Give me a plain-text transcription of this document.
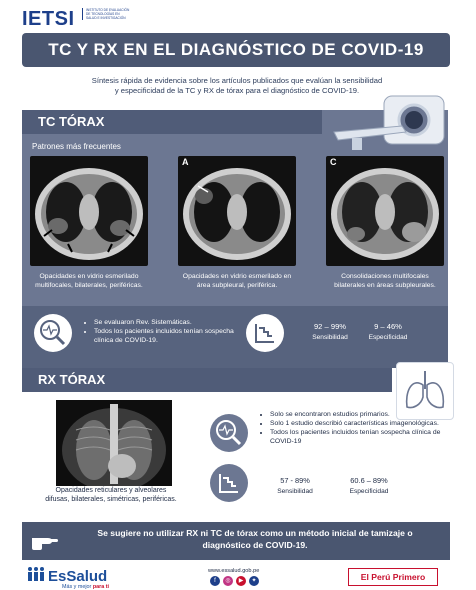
IETSI	INSTITUTO DE EVALUACIÓN DE TECNOLOGÍAS EN SALUD E INVESTIGACIÓN
TC Y RX EN EL DIAGNÓSTICO DE COVID-19
Síntesis rápida de evidencia sobre los artículos publicados que evalúan la sensibilidad
y especificidad de la TC y RX de tórax para el diagnóstico de COVID-19.
TC TÓRAX
Patrones más frecuentes
A	C
Opacidades en vidrio esmerilado
multifocales, bilaterales, periféricas.
Opacidades en vidrio esmerilado en
área subpleural, periférica.
Consolidaciones multifocales
bilaterales en áreas subpleurales.
• Se evaluaron Rev. Sistemáticas.
• Todos los pacientes incluidos tenían sospecha clínica de COVID-19.
92 – 99%
Sensibilidad
9 – 46%
Especificidad
RX TÓRAX
Opacidades reticulares y alveolares
difusas, bilaterales, simétricas, periféricas.
• Solo se encontraron estudios primarios.
• Solo 1 estudio describió características imagenológicas.
• Todos los pacientes incluidos tenían sospecha clínica de COVID-19
57 - 89%
Sensibilidad
60.6 – 89%
Especificidad
Se sugiere no utilizar RX ni TC de tórax como un método inicial de tamizaje o
diagnóstico de COVID-19.
EsSalud
Más y mejor para ti
www.essalud.gob.pe
f	◎	▶	✦	El Perú Primero
